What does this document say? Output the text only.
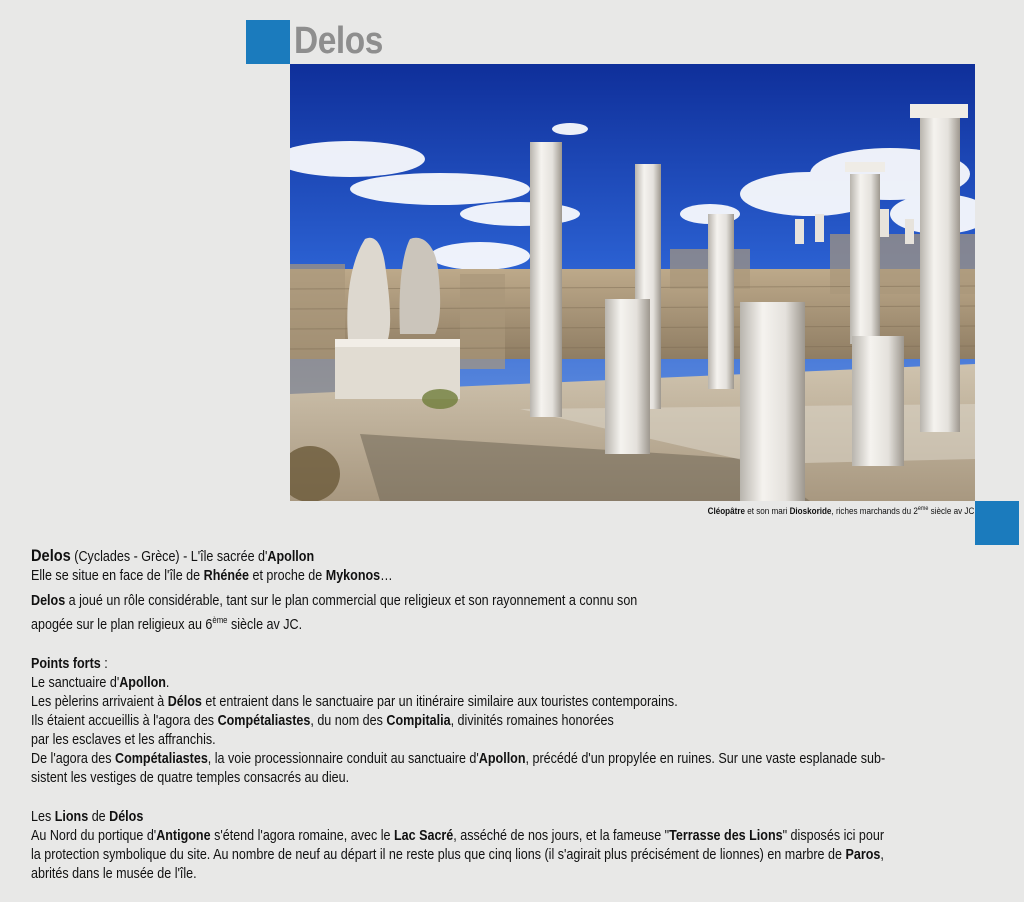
Delos
Cléopâtre et son mari Dioskoride, riches marchands du 2ème siècle av JC

Delos (Cyclades - Grèce) - L'île sacrée d'Apollon

Elle se situe en face de l'île de Rhénée et proche de Mykonos…

Delos a joué un rôle considérable, tant sur le plan commercial que religieux et son rayonnement a connu son

apogée sur le plan religieux au 6ème siècle av JC.

Points forts :

Le sanctuaire d'Apollon.

Les pèlerins arrivaient à Délos et entraient dans le sanctuaire par un itinéraire similaire aux touristes contemporains.

Ils étaient accueillis à l'agora des Compétaliastes, du nom des Compitalia, divinités romaines honorées

par les esclaves et les affranchis.

De l'agora des Compétaliastes, la voie processionnaire conduit au sanctuaire d'Apollon, précédé d'un propylée en ruines. Sur une vaste esplanade sub-

sistent les vestiges de quatre temples consacrés au dieu.

Les Lions de Délos

Au Nord du portique d'Antigone s'étend l'agora romaine, avec le Lac Sacré, asséché de nos jours, et la fameuse "Terrasse des Lions" disposés ici pour

la protection symbolique du site. Au nombre de neuf au départ il ne reste plus que cinq lions (il s'agirait plus précisément de lionnes) en marbre de Paros,

abrités dans le musée de l'île.
